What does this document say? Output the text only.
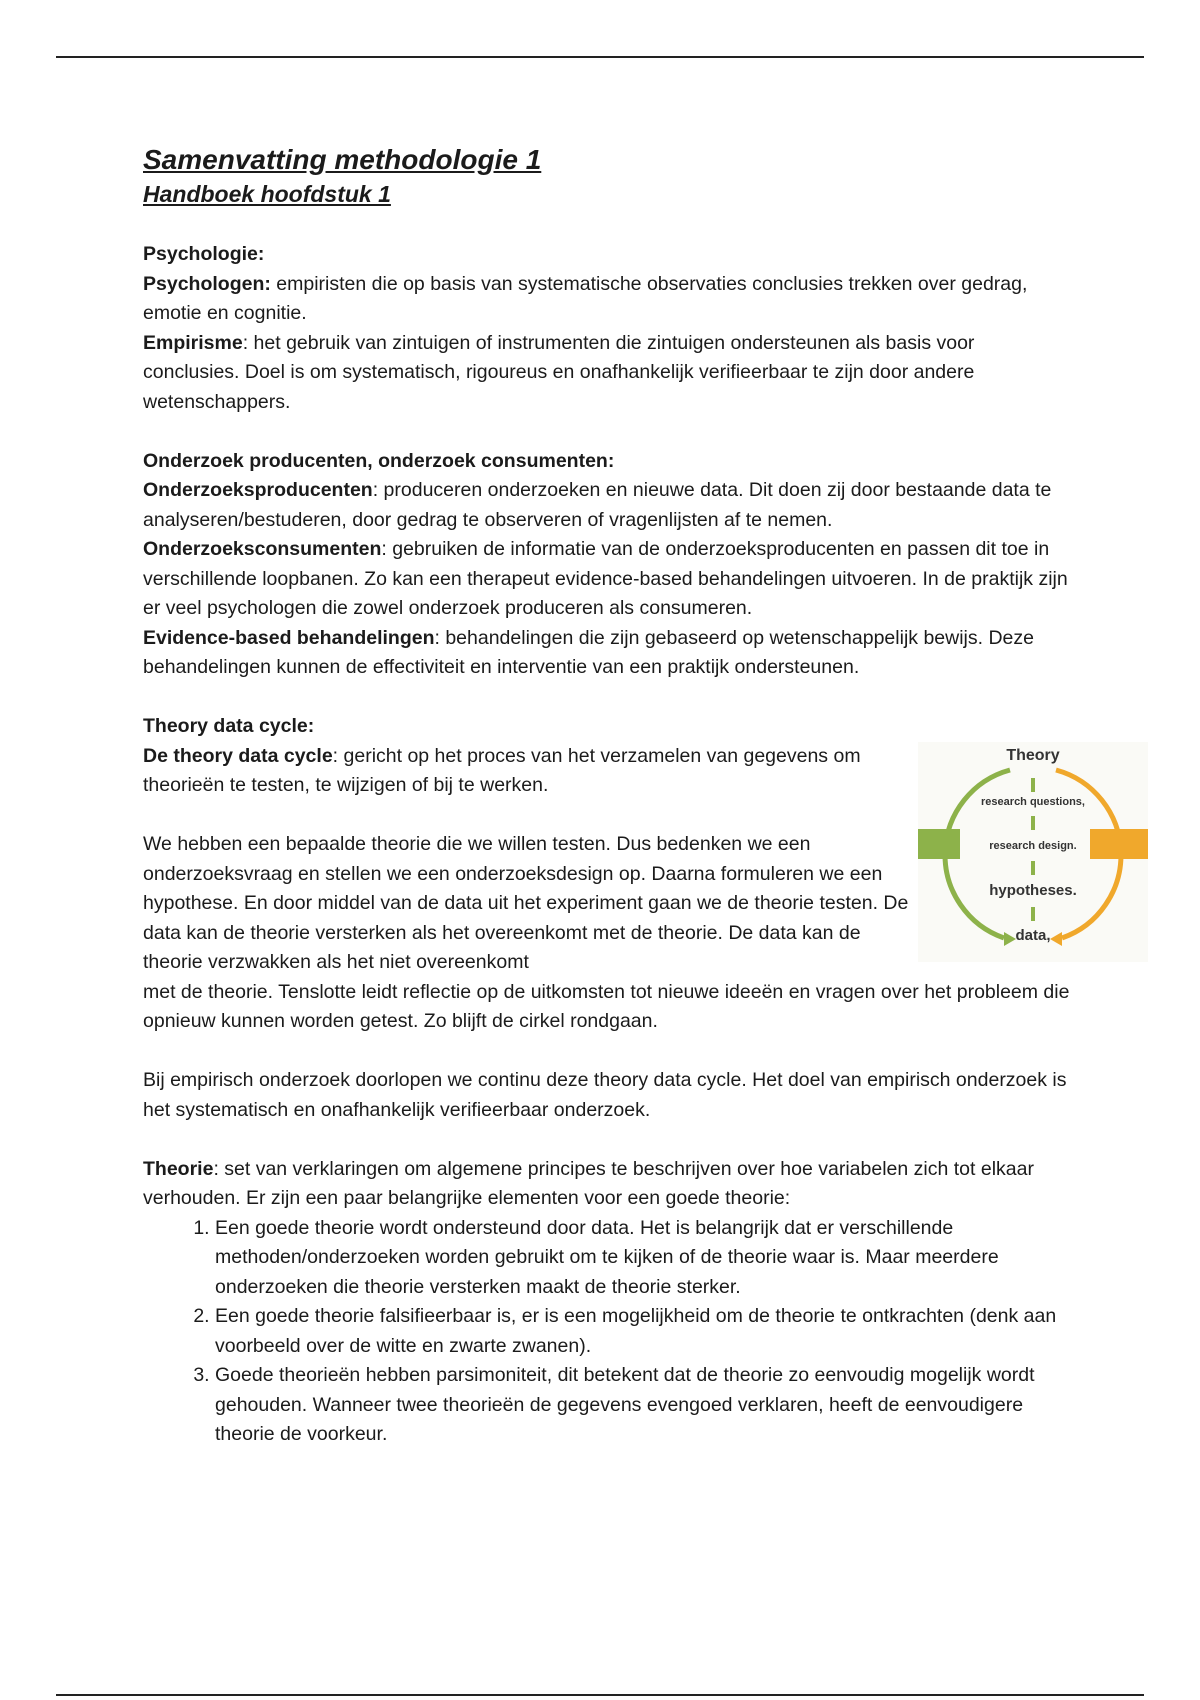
Samenvatting methodologie 1
Handboek hoofdstuk 1

Psychologie:

Psychologen: empiristen die op basis van systematische observaties conclusies trekken over gedrag, emotie en cognitie.

Empirisme: het gebruik van zintuigen of instrumenten die zintuigen ondersteunen als basis voor conclusies. Doel is om systematisch, rigoureus en onafhankelijk verifieerbaar te zijn door andere wetenschappers.

Onderzoek producenten, onderzoek consumenten:

Onderzoeksproducenten: produceren onderzoeken en nieuwe data. Dit doen zij door bestaande data te analyseren/bestuderen, door gedrag te observeren of vragenlijsten af te nemen. Onderzoeksconsumenten: gebruiken de informatie van de onderzoeksproducenten en passen dit toe in verschillende loopbanen. Zo kan een therapeut evidence-based behandelingen uitvoeren. In de praktijk zijn er veel psychologen die zowel onderzoek produceren als consumeren.

Evidence-based behandelingen: behandelingen die zijn gebaseerd op wetenschappelijk bewijs. Deze behandelingen kunnen de effectiviteit en interventie van een praktijk ondersteunen.

Theory data cycle:

De theory data cycle: gericht op het proces van het verzamelen van gegevens om theorieën te testen, te wijzigen of bij te werken.

We hebben een bepaalde theorie die we willen testen. Dus bedenken we een onderzoeksvraag en stellen we een onderzoeksdesign op. Daarna formuleren we een hypothese. En door middel van de data uit het experiment gaan we de theorie testen. De data kan de theorie versterken als het overeenkomt met de theorie. De data kan de theorie verzwakken als het niet overeenkomt

met de theorie. Tenslotte leidt reflectie op de uitkomsten tot nieuwe ideeën en vragen over het probleem die opnieuw kunnen worden getest. Zo blijft de cirkel rondgaan.

Theory
research questions,
research design.
hypotheses.
data,

Bij empirisch onderzoek doorlopen we continu deze theory data cycle. Het doel van empirisch onderzoek is het systematisch en onafhankelijk verifieerbaar onderzoek.

Theorie: set van verklaringen om algemene principes te beschrijven over hoe variabelen zich tot elkaar verhouden. Er zijn een paar belangrijke elementen voor een goede theorie:

1. Een goede theorie wordt ondersteund door data. Het is belangrijk dat er verschillende methoden/onderzoeken worden gebruikt om te kijken of de theorie waar is. Maar meerdere onderzoeken die theorie versterken maakt de theorie sterker.
2. Een goede theorie falsifieerbaar is, er is een mogelijkheid om de theorie te ontkrachten (denk aan voorbeeld over de witte en zwarte zwanen).
3. Goede theorieën hebben parsimoniteit, dit betekent dat de theorie zo eenvoudig mogelijk wordt gehouden. Wanneer twee theorieën de gegevens evengoed verklaren, heeft de eenvoudigere theorie de voorkeur.
